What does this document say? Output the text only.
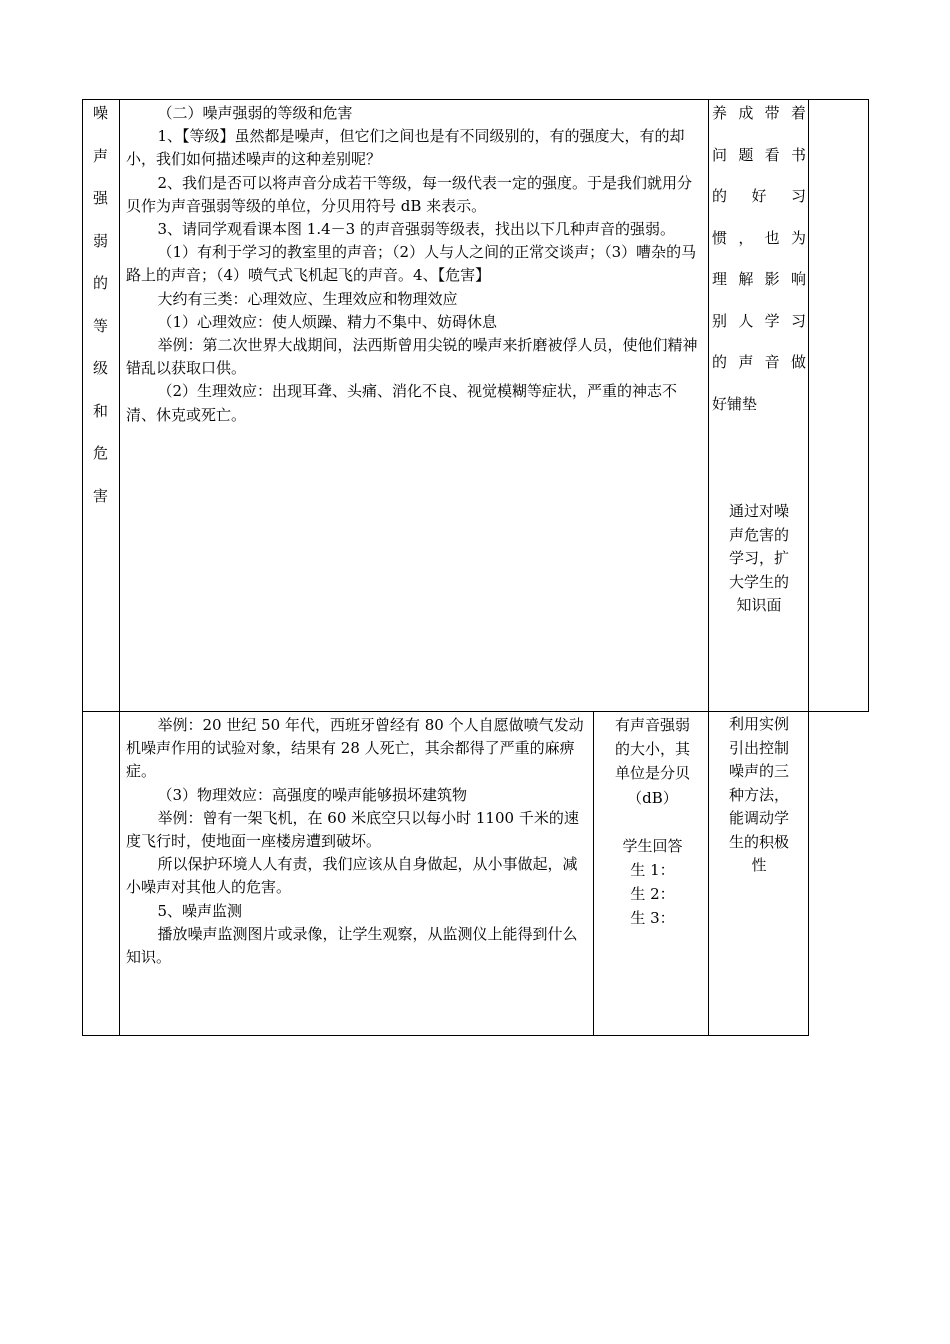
噪
声
强
弱
的
等
级
和
危
害

（二）噪声强弱的等级和危害

1、【等级】虽然都是噪声，但它们之间也是有不同级别的，有的强度大，有的却小，我们如何描述噪声的这种差别呢？

2、我们是否可以将声音分成若干等级，每一级代表一定的强度。于是我们就用分贝作为声音强弱等级的单位，分贝用符号 dB 来表示。

3、请同学观看课本图 1.4－3 的声音强弱等级表，找出以下几种声音的强弱。

（1）有利于学习的教室里的声音；（2）人与人之间的正常交谈声；（3）嘈杂的马路上的声音；（4）喷气式飞机起飞的声音。4、【危害】

大约有三类：心理效应、生理效应和物理效应

（1）心理效应：使人烦躁、精力不集中、妨碍休息

举例：第二次世界大战期间，法西斯曾用尖锐的噪声来折磨被俘人员，使他们精神错乱以获取口供。

（2）生理效应：出现耳聋、头痛、消化不良、视觉模糊等症状，严重的神志不清、休克或死亡。

养成带着

问题看书

的 好 习

惯，也为

理解影响

别人学习

的声音做

好铺垫

通过对噪

声危害的

学习，扩

大学生的

知识面

举例：20 世纪 50 年代，西班牙曾经有 80 个人自愿做喷气发动机噪声作用的试验对象，结果有 28 人死亡，其余都得了严重的麻痹症。

（3）物理效应：高强度的噪声能够损坏建筑物

举例：曾有一架飞机，在 60 米底空只以每小时 1100 千米的速度飞行时，使地面一座楼房遭到破坏。

所以保护环境人人有责，我们应该从自身做起，从小事做起，减小噪声对其他人的危害。

5、噪声监测

播放噪声监测图片或录像，让学生观察，从监测仪上能得到什么知识。

有声音强弱

的大小，其

单位是分贝

（dB）

学生回答

生 1：

生 2：

生 3：

利用实例

引出控制

噪声的三

种方法，

能调动学

生的积极

性
